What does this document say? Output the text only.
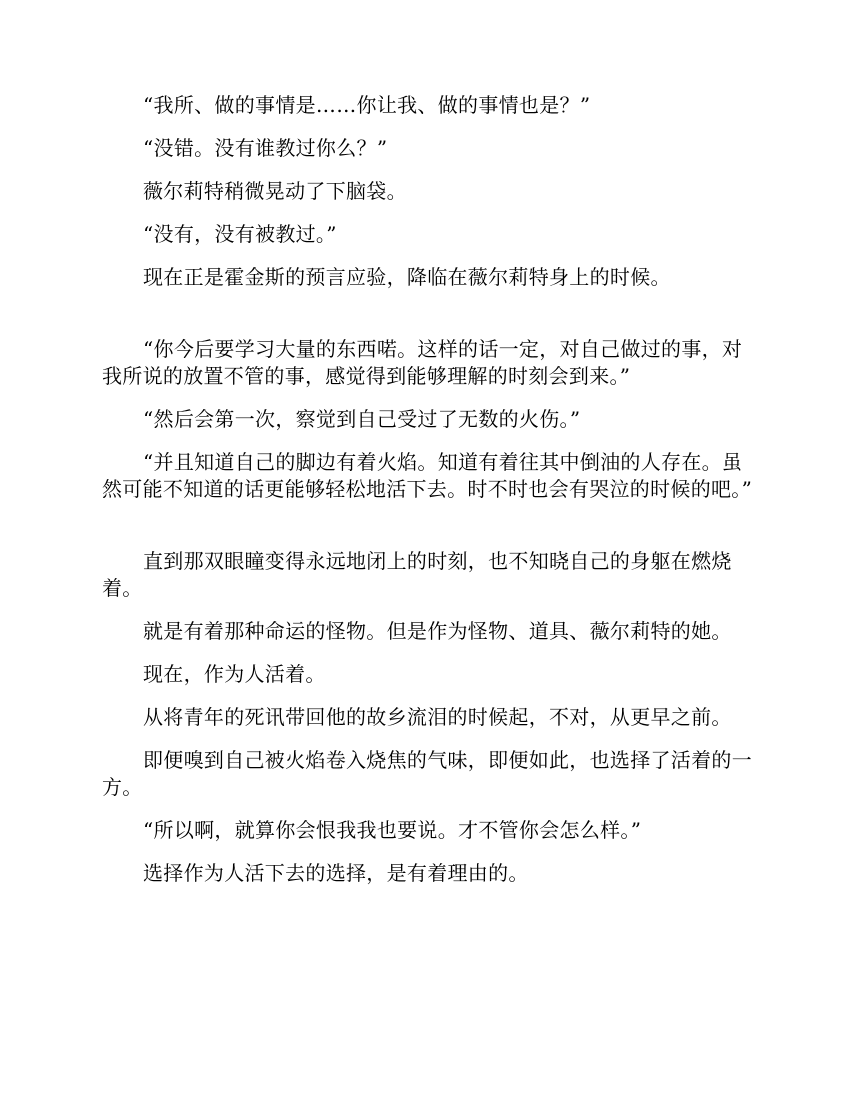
“我所、做的事情是……你让我、做的事情也是？”

“没错。没有谁教过你么？”

薇尔莉特稍微晃动了下脑袋。

“没有，没有被教过。”

现在正是霍金斯的预言应验，降临在薇尔莉特身上的时候。

“你今后要学习大量的东西喏。这样的话一定，对自己做过的事，对我所说的放置不管的事，感觉得到能够理解的时刻会到来。”

“然后会第一次，察觉到自己受过了无数的火伤。”

“并且知道自己的脚边有着火焰。知道有着往其中倒油的人存在。虽然可能不知道的话更能够轻松地活下去。时不时也会有哭泣的时候的吧。”

直到那双眼瞳变得永远地闭上的时刻，也不知晓自己的身躯在燃烧着。

就是有着那种命运的怪物。但是作为怪物、道具、薇尔莉特的她。

现在，作为人活着。

从将青年的死讯带回他的故乡流泪的时候起，不对，从更早之前。

即便嗅到自己被火焰卷入烧焦的气味，即便如此，也选择了活着的一方。

“所以啊，就算你会恨我我也要说。才不管你会怎么样。”

选择作为人活下去的选择，是有着理由的。
